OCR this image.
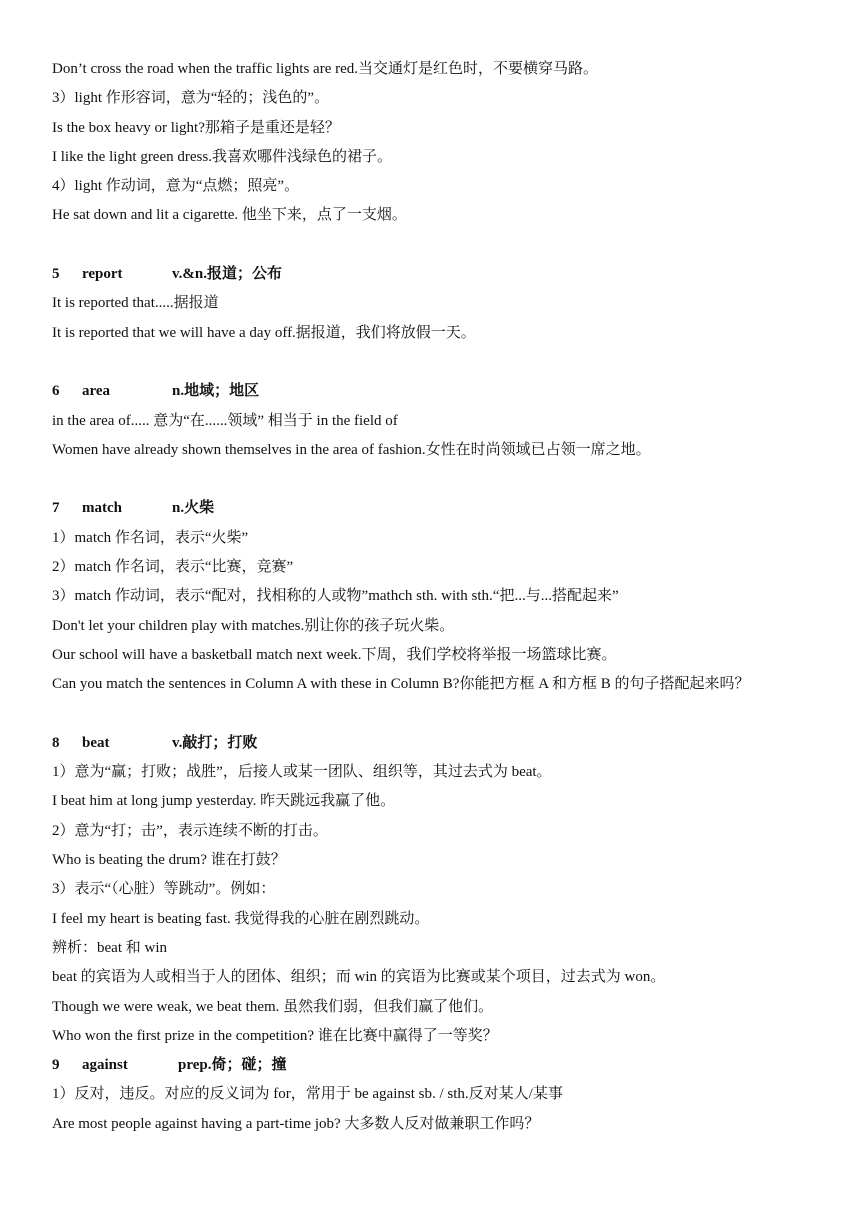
Don’t cross the road when the traffic lights are red.当交通灯是红色时，不要横穿马路。
3）light 作形容词，意为“轻的；浅色的”。
Is the box heavy or light?那箱子是重还是轻？
I like the light green dress.我喜欢哪件浅绿色的裙子。
4）light 作动词，意为“点燃；照亮”。
He sat down and lit a cigarette. 他坐下来，点了一支烟。
5 report	v.&n.报道；公布
It is reported that.....据报道
It is reported that we will have a day off.据报道，我们将放假一天。
6 area	n.地域；地区
in the area of..... 意为“在......领域” 相当于 in the field of
Women have already shown themselves in the area of fashion.女性在时尚领域已占领一席之地。
7 match	n.火柴
1）match 作名词，表示“火柴”
2）match 作名词，表示“比赛，竞赛”
3）match 作动词，表示“配对，找相称的人或物”mathch sth. with sth.“把...与...搭配起来”
Don't let your children play with matches.别让你的孩子玩火柴。
Our school will have a basketball match next week.下周，我们学校将举报一场篮球比赛。
Can you match the sentences in Column A with these in Column B?你能把方框 A 和方框 B 的句子搭配起来吗？
8 beat	v.敲打；打败
1）意为“赢；打败；战胜”，后接人或某一团队、组织等，其过去式为 beat。
I beat him at long jump yesterday. 昨天跳远我赢了他。
2）意为“打；击”，表示连续不断的打击。
Who is beating the drum? 谁在打鼓？
3）表示“（心脏）等跳动”。例如：
I feel my heart is beating fast. 我觉得我的心脏在剧烈跳动。
辨析：beat 和 win
beat 的宾语为人或相当于人的团体、组织；而 win 的宾语为比赛或某个项目，过去式为 won。
Though we were weak, we beat them. 虽然我们弱，但我们赢了他们。
Who won the first prize in the competition? 谁在比赛中赢得了一等奖？
9 against	prep.倚；碰；撞
1）反对，违反。对应的反义词为 for，常用于 be against sb. / sth.反对某人/某事
Are most people against having a part-time job? 大多数人反对做兼职工作吗？
